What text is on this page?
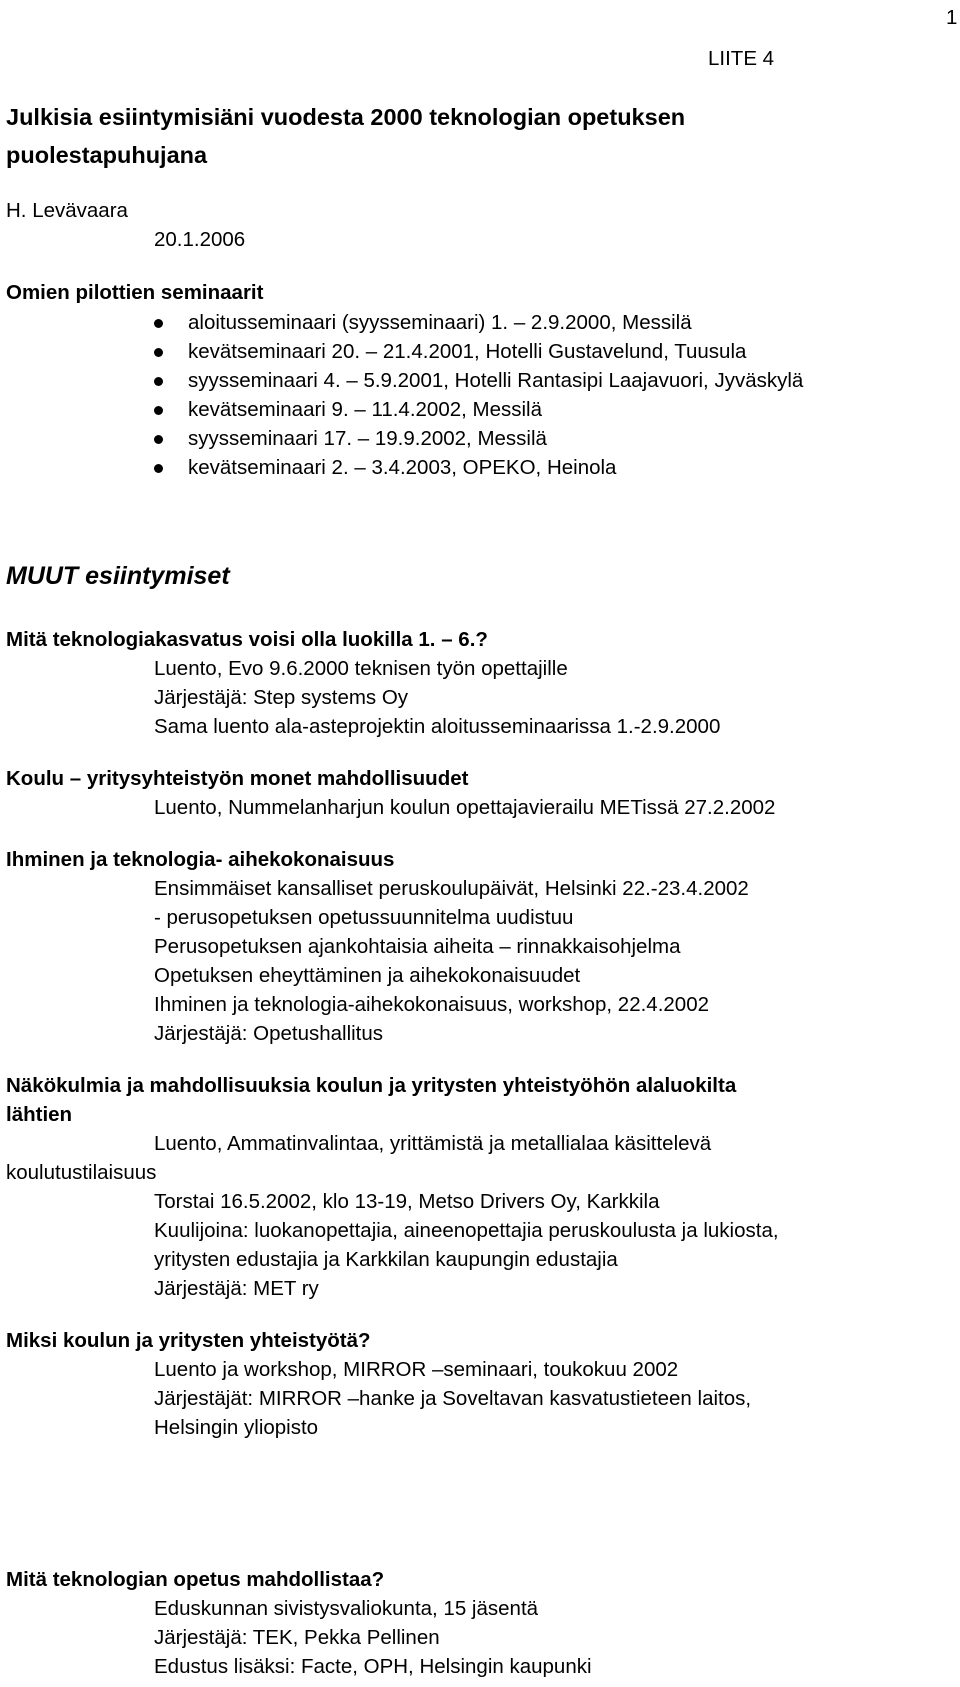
1
LIITE 4
Julkisia esiintymisiäni vuodesta 2000 teknologian opetuksen
puolestapuhujana
H. Levävaara
20.1.2006
Omien pilottien seminaarit
aloitusseminaari (syysseminaari) 1. – 2.9.2000, Messilä
kevätseminaari 20. – 21.4.2001, Hotelli Gustavelund, Tuusula
syysseminaari 4. – 5.9.2001, Hotelli Rantasipi Laajavuori, Jyväskylä
kevätseminaari 9. – 11.4.2002, Messilä
syysseminaari 17. – 19.9.2002, Messilä
kevätseminaari 2. – 3.4.2003, OPEKO, Heinola
MUUT esiintymiset
Mitä teknologiakasvatus voisi olla luokilla 1. – 6.?
Luento, Evo 9.6.2000 teknisen työn opettajille
Järjestäjä: Step systems Oy
Sama luento ala-asteprojektin aloitusseminaarissa 1.-2.9.2000
Koulu – yritysyhteistyön monet mahdollisuudet
Luento, Nummelanharjun koulun opettajavierailu METissä 27.2.2002
Ihminen ja teknologia- aihekokonaisuus
Ensimmäiset kansalliset peruskoulupäivät, Helsinki 22.-23.4.2002
- perusopetuksen opetussuunnitelma uudistuu
Perusopetuksen ajankohtaisia aiheita – rinnakkaisohjelma
Opetuksen eheyttäminen ja aihekokonaisuudet
Ihminen ja teknologia-aihekokonaisuus, workshop, 22.4.2002
Järjestäjä: Opetushallitus
Näkökulmia ja mahdollisuuksia koulun ja yritysten yhteistyöhön alaluokilta
lähtien
Luento, Ammatinvalintaa, yrittämistä ja metallialaa käsittelevä
koulutustilaisuus
Torstai 16.5.2002, klo 13-19, Metso Drivers Oy, Karkkila
Kuulijoina: luokanopettajia, aineenopettajia peruskoulusta ja lukiosta,
yritysten edustajia ja Karkkilan kaupungin edustajia
Järjestäjä: MET ry
Miksi koulun ja yritysten yhteistyötä?
Luento ja workshop, MIRROR –seminaari, toukokuu 2002
Järjestäjät: MIRROR –hanke ja Soveltavan kasvatustieteen laitos,
Helsingin yliopisto
Mitä teknologian opetus mahdollistaa?
Eduskunnan sivistysvaliokunta, 15 jäsentä
Järjestäjä: TEK, Pekka Pellinen
Edustus lisäksi: Facte, OPH, Helsingin kaupunki
